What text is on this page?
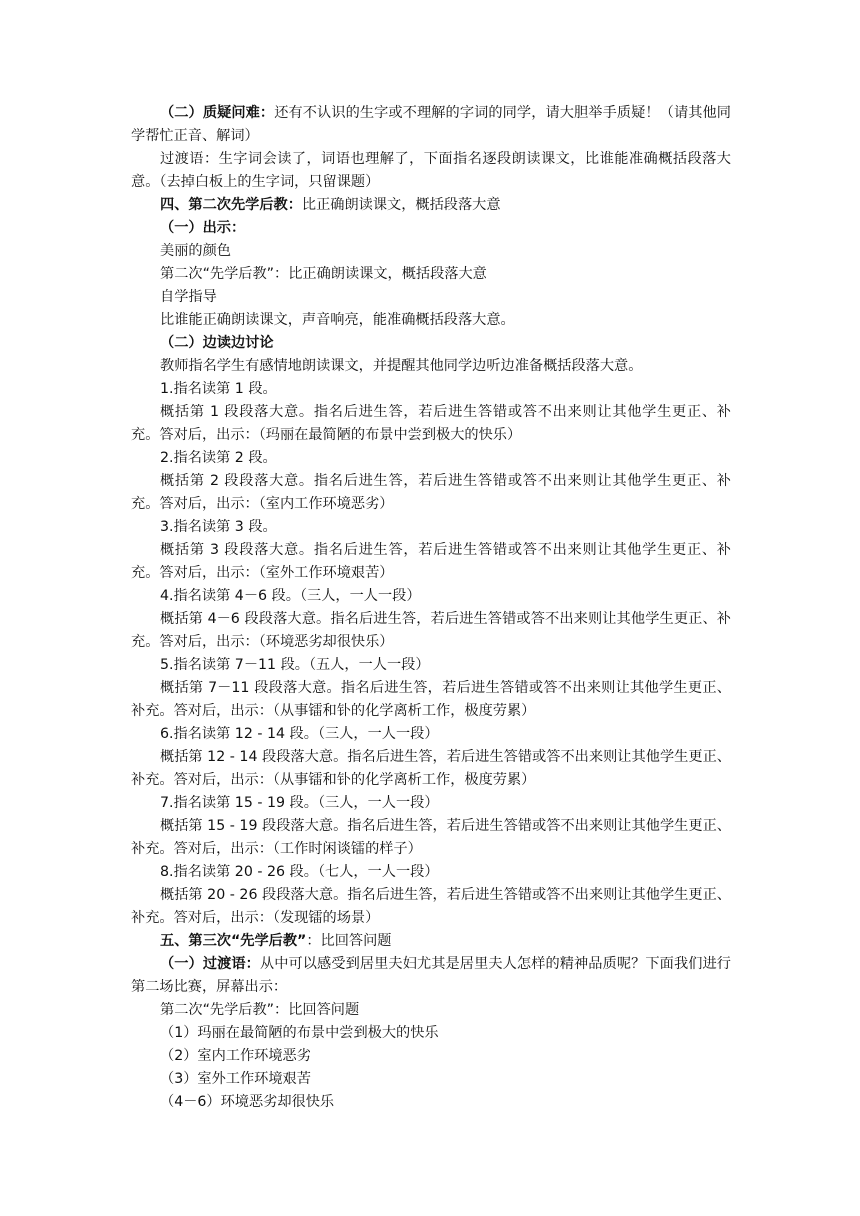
（二）质疑问难：还有不认识的生字或不理解的字词的同学，请大胆举手质疑！（请其他同学帮忙正音、解词）

过渡语：生字词会读了，词语也理解了，下面指名逐段朗读课文，比谁能准确概括段落大意。（去掉白板上的生字词，只留课题）

四、第二次先学后教：比正确朗读课文，概括段落大意

（一）出示：

美丽的颜色

第二次“先学后教”：比正确朗读课文，概括段落大意

自学指导

比谁能正确朗读课文，声音响亮，能准确概括段落大意。

（二）边读边讨论

教师指名学生有感情地朗读课文，并提醒其他同学边听边准备概括段落大意。

1.指名读第 1 段。

概括第 1 段段落大意。指名后进生答，若后进生答错或答不出来则让其他学生更正、补充。答对后，出示：（玛丽在最简陋的布景中尝到极大的快乐）

2.指名读第 2 段。

概括第 2 段段落大意。指名后进生答，若后进生答错或答不出来则让其他学生更正、补充。答对后，出示：（室内工作环境恶劣）

3.指名读第 3 段。

概括第 3 段段落大意。指名后进生答，若后进生答错或答不出来则让其他学生更正、补充。答对后，出示：（室外工作环境艰苦）

4.指名读第 4－6 段。（三人，一人一段）

概括第 4－6 段段落大意。指名后进生答，若后进生答错或答不出来则让其他学生更正、补充。答对后，出示：（环境恶劣却很快乐）

5.指名读第 7－11 段。（五人，一人一段）

概括第 7－11 段段落大意。指名后进生答，若后进生答错或答不出来则让其他学生更正、补充。答对后，出示：（从事镭和钋的化学离析工作，极度劳累）

6.指名读第 12 - 14 段。（三人，一人一段）

概括第 12 - 14 段段落大意。指名后进生答，若后进生答错或答不出来则让其他学生更正、补充。答对后，出示：（从事镭和钋的化学离析工作，极度劳累）

7.指名读第 15 - 19 段。（三人，一人一段）

概括第 15 - 19 段段落大意。指名后进生答，若后进生答错或答不出来则让其他学生更正、补充。答对后，出示：（工作时闲谈镭的样子）

8.指名读第 20 - 26 段。（七人，一人一段）

概括第 20 - 26 段段落大意。指名后进生答，若后进生答错或答不出来则让其他学生更正、补充。答对后，出示：（发现镭的场景）

五、第三次“先学后教”：比回答问题

（一）过渡语：从中可以感受到居里夫妇尤其是居里夫人怎样的精神品质呢？下面我们进行第二场比赛，屏幕出示：

第二次“先学后教”：比回答问题

（1）玛丽在最简陋的布景中尝到极大的快乐

（2）室内工作环境恶劣

（3）室外工作环境艰苦

（4－6）环境恶劣却很快乐
